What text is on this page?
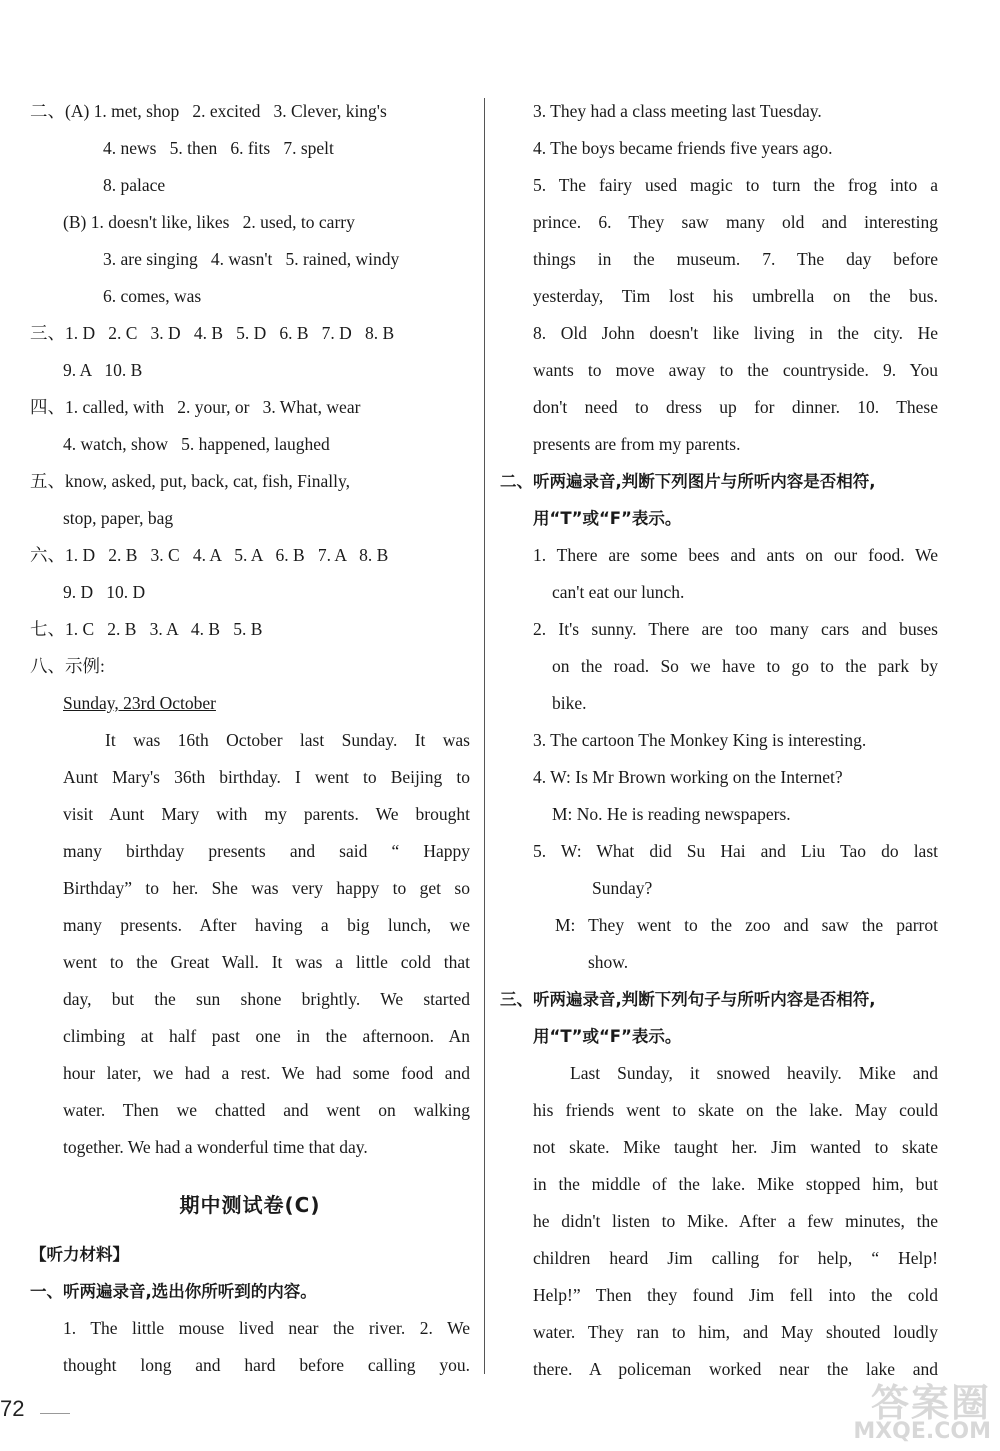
二、(A) 1. met, shop   2. excited   3. Clever, king's
4. news   5. then   6. fits   7. spelt
8. palace
(B) 1. doesn't like, likes   2. used, to carry
3. are singing   4. wasn't   5. rained, windy
6. comes, was
三、1. D   2. C   3. D   4. B   5. D   6. B   7. D   8. B
9. A   10. B
四、1. called, with   2. your, or   3. What, wear
4. watch, show   5. happened, laughed
五、know, asked, put, back, cat, fish, Finally,
stop, paper, bag
六、1. D   2. B   3. C   4. A   5. A   6. B   7. A   8. B
9. D   10. D
七、1. C   2. B   3. A   4. B   5. B
八、示例:
Sunday, 23rd October
It was 16th October last Sunday. It was
Aunt Mary's 36th birthday. I went to Beijing to
visit Aunt Mary with my parents. We brought
many birthday presents and said “ Happy
Birthday” to her. She was very happy to get so
many presents. After having a big lunch, we
went to the Great Wall. It was a little cold that
day, but the sun shone brightly. We started
climbing at half past one in the afternoon. An
hour later, we had a rest. We had some food and
water. Then we chatted and went on walking
together. We had a wonderful time that day.
期中测试卷(C)
【听力材料】
一、听两遍录音,选出你所听到的内容。
1. The little mouse lived near the river. 2. We
thought long and hard before calling you.
3. They had a class meeting last Tuesday.
4. The boys became friends five years ago.
5. The fairy used magic to turn the frog into a
prince. 6. They saw many old and interesting
things in the museum. 7. The day before
yesterday, Tim lost his umbrella on the bus.
8. Old John doesn't like living in the city. He
wants to move away to the countryside. 9. You
don't need to dress up for dinner. 10. These
presents are from my parents.
二、听两遍录音,判断下列图片与所听内容是否相符,
用“T”或“F”表示。
1. There are some bees and ants on our food. We
can't eat our lunch.
2. It's sunny. There are too many cars and buses
on the road. So we have to go to the park by
bike.
3. The cartoon The Monkey King is interesting.
4. W: Is Mr Brown working on the Internet?
M: No. He is reading newspapers.
5. W: What did Su Hai and Liu Tao do last
Sunday?
M: They went to the zoo and saw the parrot
show.
三、听两遍录音,判断下列句子与所听内容是否相符,
用“T”或“F”表示。
Last Sunday, it snowed heavily. Mike and
his friends went to skate on the lake. May could
not skate. Mike taught her. Jim wanted to skate
in the middle of the lake. Mike stopped him, but
he didn't listen to Mike. After a few minutes, the
children heard Jim calling for help, “ Help!
Help!” Then they found Jim fell into the cold
water. They ran to him, and May shouted loudly
there. A policeman worked near the lake and
72	答案圈
MXQE.COM
